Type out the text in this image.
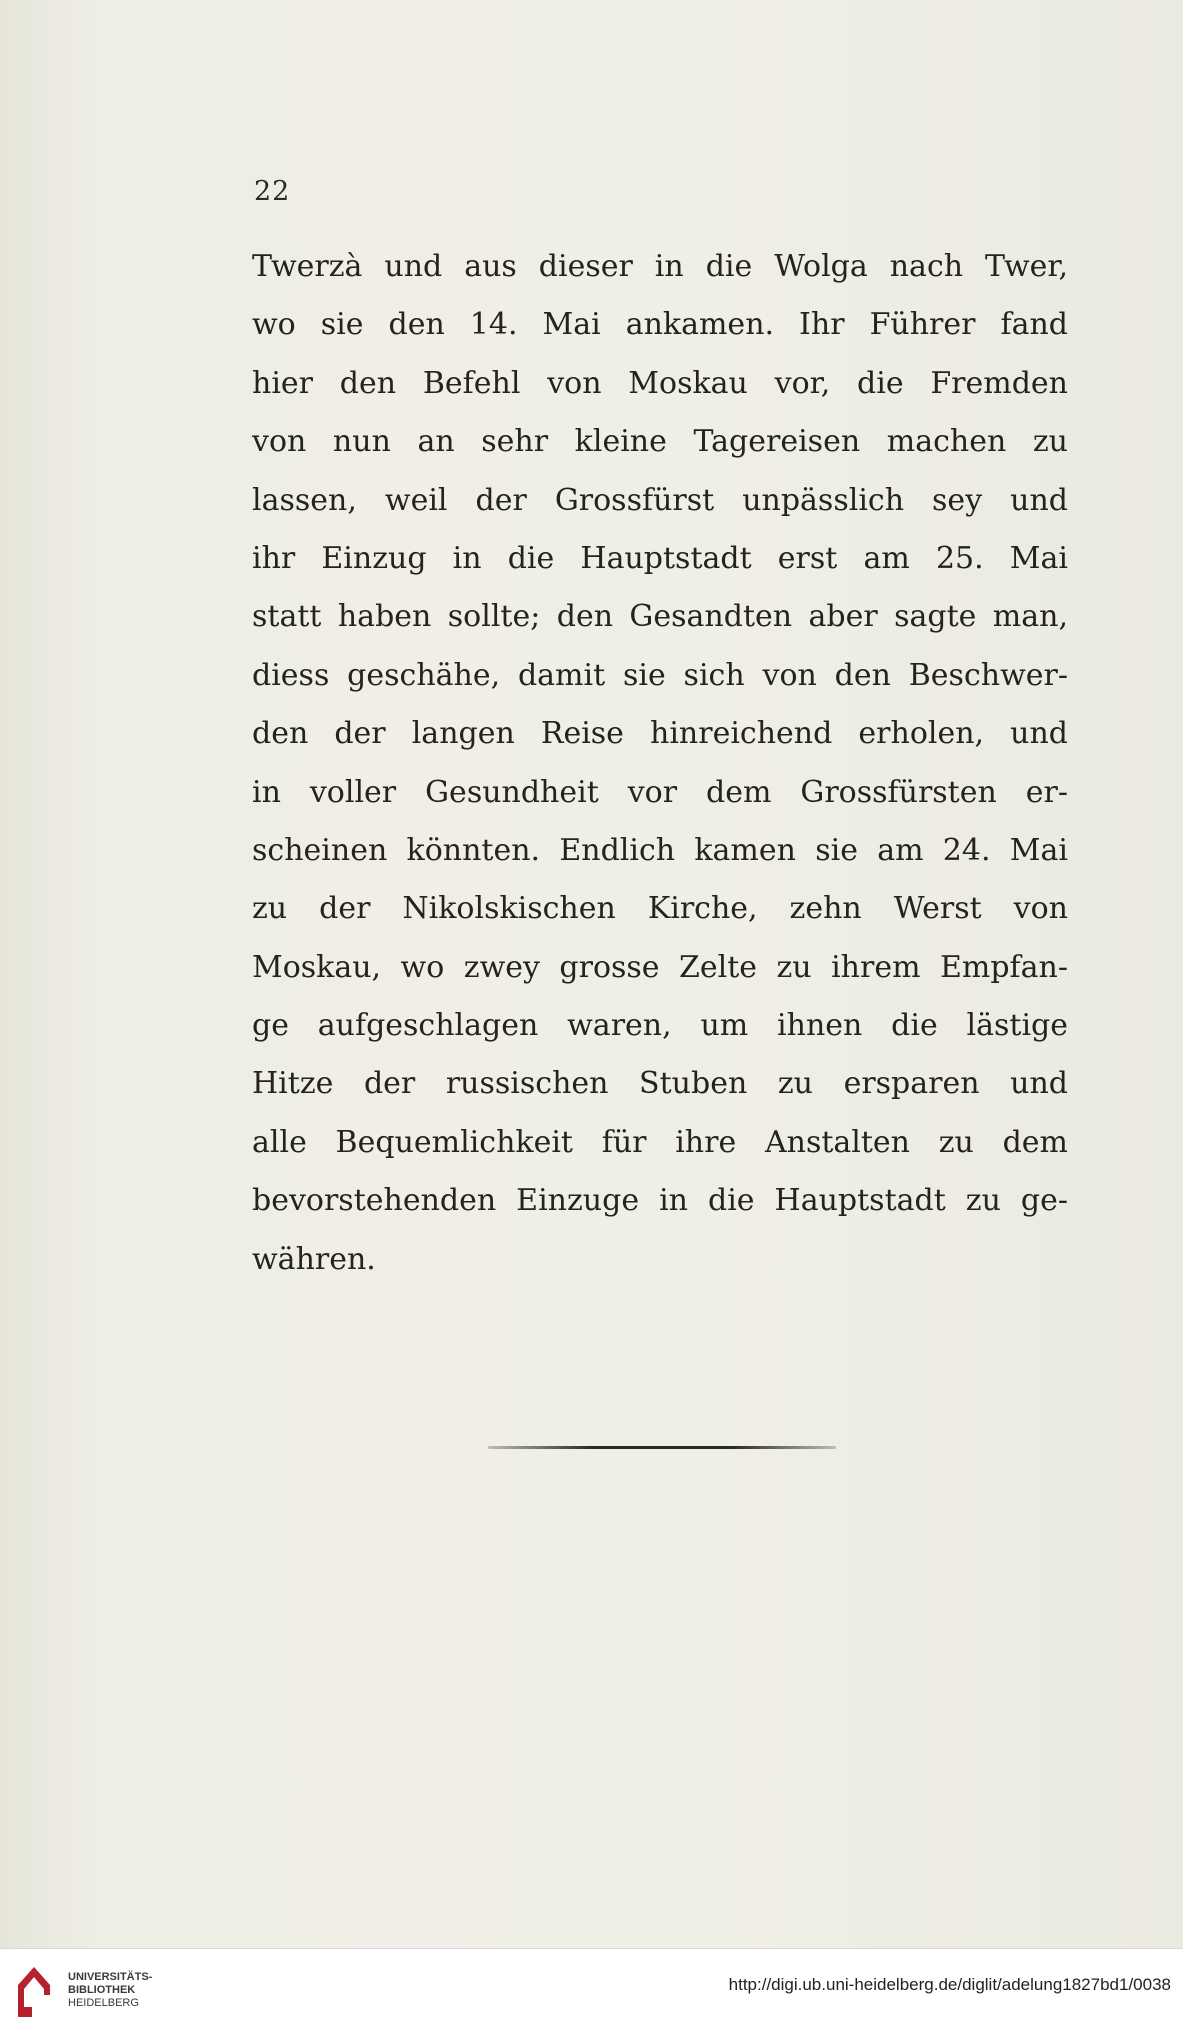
22
Twerzà und aus dieser in die Wolga nach Twer,
wo sie den 14. Mai ankamen. Ihr Führer fand
hier den Befehl von Moskau vor, die Fremden
von nun an sehr kleine Tagereisen machen zu
lassen, weil der Grossfürst unpässlich sey und
ihr Einzug in die Hauptstadt erst am 25. Mai
statt haben sollte; den Gesandten aber sagte man,
diess geschähe, damit sie sich von den Beschwer-
den der langen Reise hinreichend erholen, und
in voller Gesundheit vor dem Grossfürsten er-
scheinen könnten. Endlich kamen sie am 24. Mai
zu der Nikolskischen Kirche, zehn Werst von
Moskau, wo zwey grosse Zelte zu ihrem Empfan-
ge aufgeschlagen waren, um ihnen die lästige
Hitze der russischen Stuben zu ersparen und
alle Bequemlichkeit für ihre Anstalten zu dem
bevorstehenden Einzuge in die Hauptstadt zu ge-
währen.
UNIVERSITÄTS-
BIBLIOTHEK
HEIDELBERG
http://digi.ub.uni-heidelberg.de/diglit/adelung1827bd1/0038
